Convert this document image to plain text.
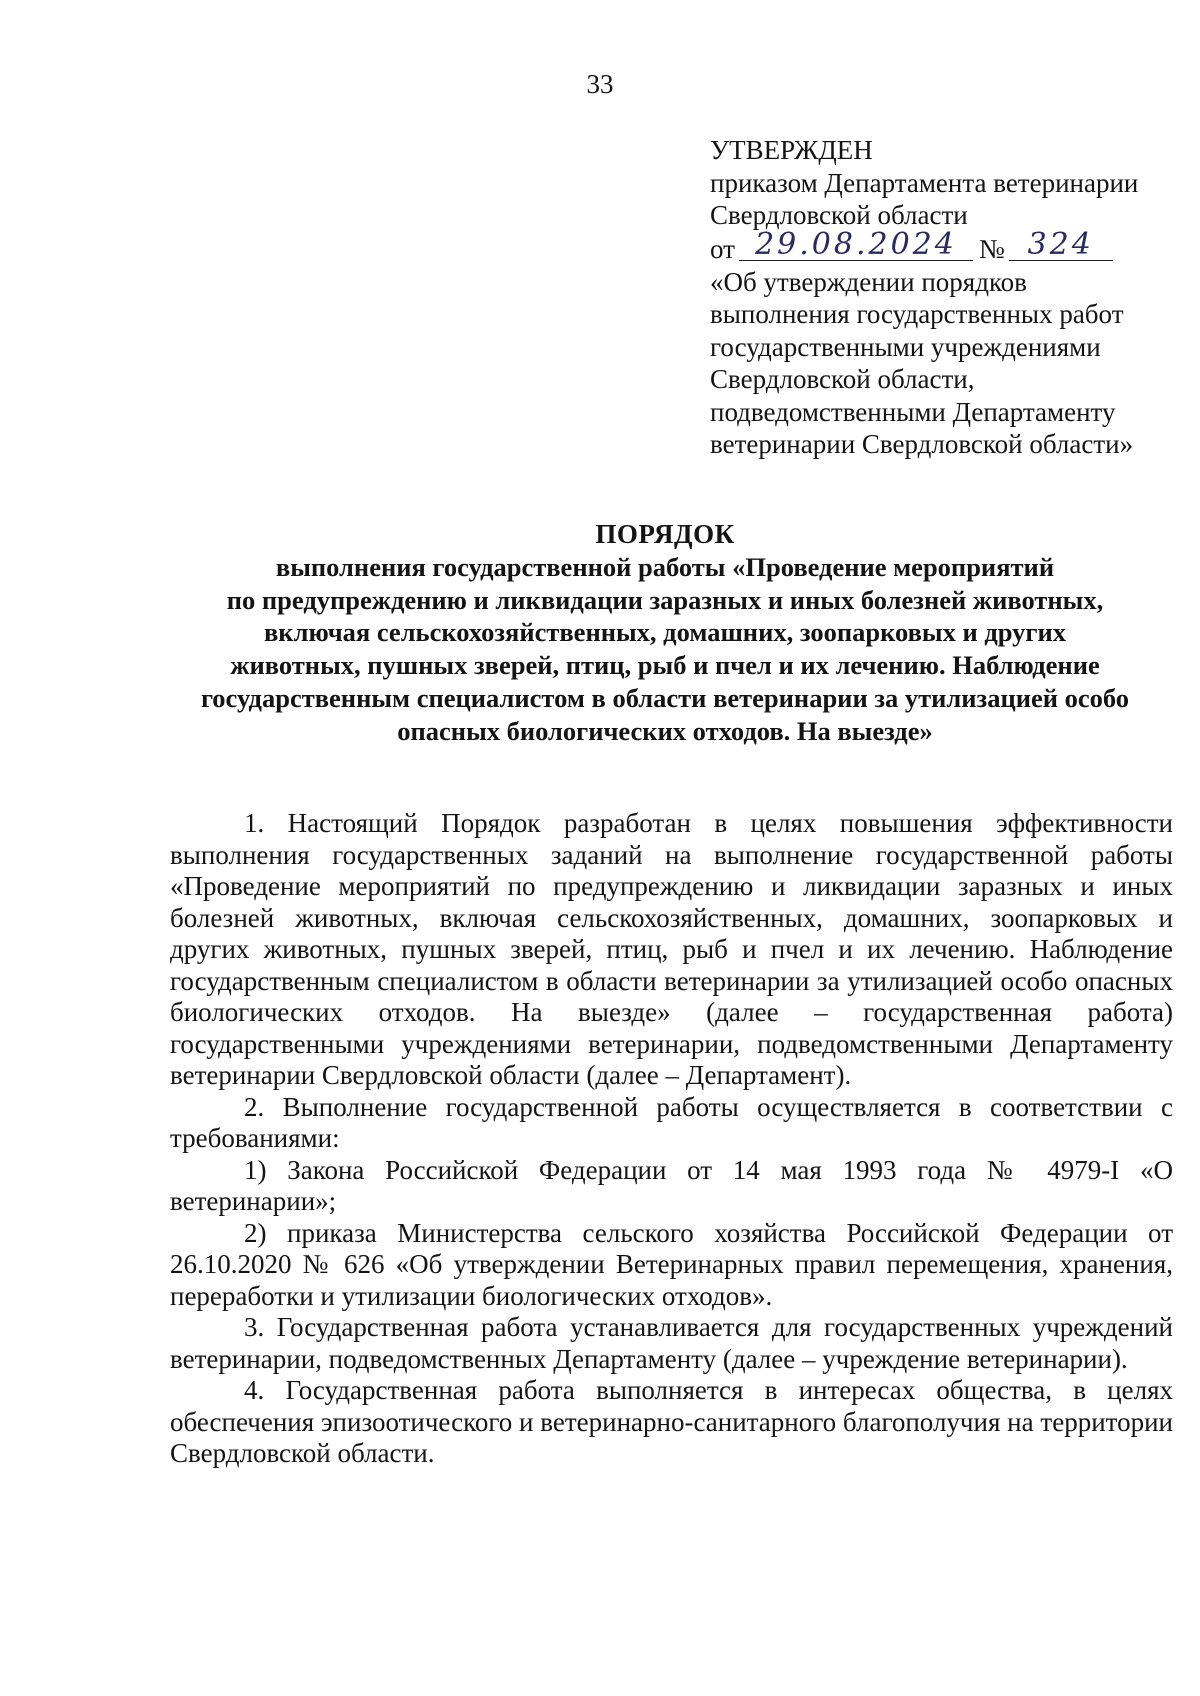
33
УТВЕРЖДЕН
приказом Департамента ветеринарии
Свердловской области
от 29.08.2024 № 324
«Об утверждении порядков
выполнения государственных работ
государственными учреждениями
Свердловской области,
подведомственными Департаменту
ветеринарии Свердловской области»
ПОРЯДОК
выполнения государственной работы «Проведение мероприятий
по предупреждению и ликвидации заразных и иных болезней животных,
включая сельскохозяйственных, домашних, зоопарковых и других
животных, пушных зверей, птиц, рыб и пчел и их лечению. Наблюдение
государственным специалистом в области ветеринарии за утилизацией особо
опасных биологических отходов. На выезде»

1. Настоящий Порядок разработан в целях повышения эффективности выполнения государственных заданий на выполнение государственной работы «Проведение мероприятий по предупреждению и ликвидации заразных и иных болезней животных, включая сельскохозяйственных, домашних, зоопарковых и других животных, пушных зверей, птиц, рыб и пчел и их лечению. Наблюдение государственным специалистом в области ветеринарии за утилизацией особо опасных биологических отходов. На выезде» (далее – государственная работа) государственными учреждениями ветеринарии, подведомственными Департаменту ветеринарии Свердловской области (далее – Департамент).

2. Выполнение государственной работы осуществляется в соответствии с требованиями:

1) Закона Российской Федерации от 14 мая 1993 года № 4979-I «О ветеринарии»;

2) приказа Министерства сельского хозяйства Российской Федерации от 26.10.2020 № 626 «Об утверждении Ветеринарных правил перемещения, хранения, переработки и утилизации биологических отходов».

3. Государственная работа устанавливается для государственных учреждений ветеринарии, подведомственных Департаменту (далее – учреждение ветеринарии).

4. Государственная работа выполняется в интересах общества, в целях обеспечения эпизоотического и ветеринарно-санитарного благополучия на территории Свердловской области.
